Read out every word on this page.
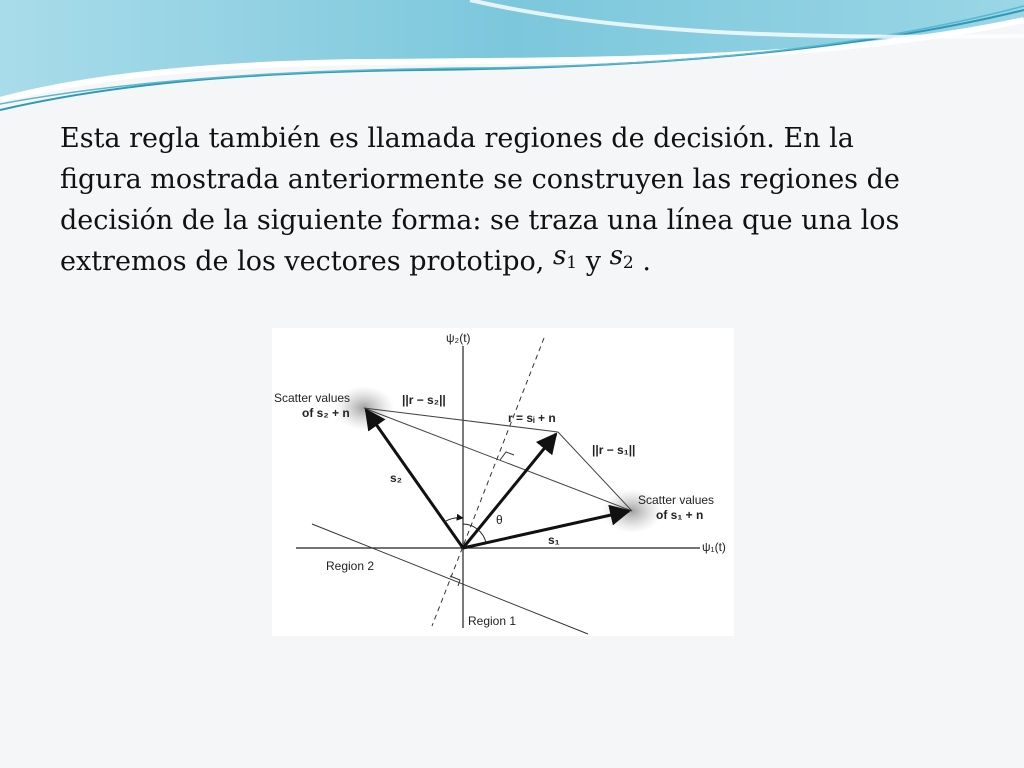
Esta regla también es llamada regiones de decisión. En la
figura mostrada anteriormente se construyen las regiones de
decisión de la siguiente forma: se traza una línea que una los
extremos de los vectores prototipo, $s_1$ y $s_2$ .

ψ₂(t)
ψ₁(t)
Scatter values
of s₂ + n
Scatter values
of s₁ + n
||r − s₂||
||r − s₁||
r = sᵢ + n
s₂
s₁
θ
Region 2
Region 1
